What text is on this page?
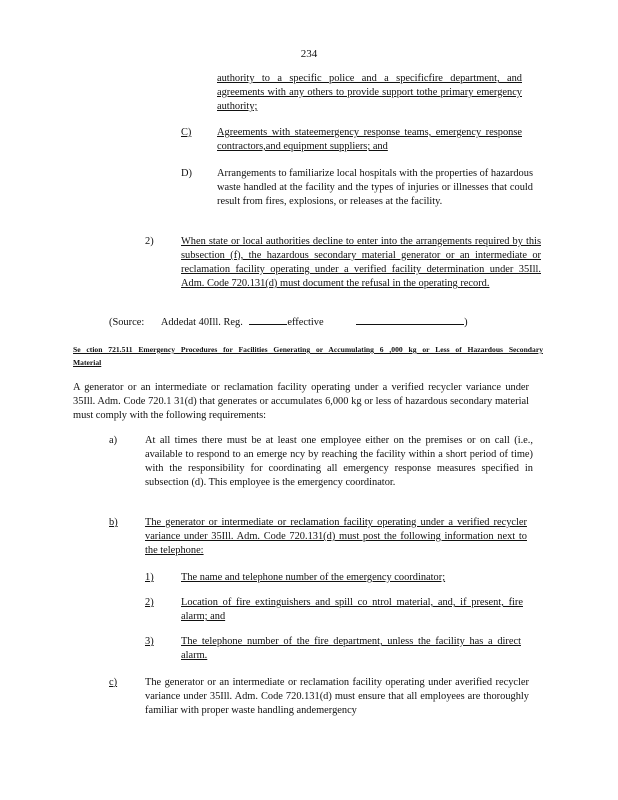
234

authority to a specific police and a specificfire department, and agreements with any others to provide support tothe primary emergency authority;

C) Agreements with stateemergency response teams, emergency response contractors,and equipment suppliers; and

D) Arrangements to familiarize local hospitals with the properties of hazardous waste handled at the facility and the types of injuries or illnesses that could result from fires, explosions, or releases at the facility.

2)	When state or local authorities decline to enter into the arrangements required by this subsection (f), the hazardous secondary material generator or an intermediate or reclamation facility operating under a verified facility determination under 35Ill. Adm. Code 720.131(d) must document the refusal in the operating record.

(Source: Addedat 40Ill. Reg.	effective	)
Se ction 721.511 Emergency Procedures for Facilities Generating or Accumulating 6 ,000 kg or Less of Hazardous Secondary Material

A generator or an intermediate or reclamation facility operating under a verified recycler variance under 35Ill. Adm. Code 720.1 31(d) that generates or accumulates 6,000 kg or less of hazardous secondary material must comply with the following requirements:

a)	At all times there must be at least one employee either on the premises or on call (i.e., available to respond to an emerge ncy by reaching the facility within a short period of time) with the responsibility for coordinating all emergency response measures specified in subsection (d). This employee is the emergency coordinator.

b)	The generator or intermediate or reclamation facility operating under a verified recycler variance under 35Ill. Adm. Code 720.131(d) must post the following information next to the telephone:

1)	The name and telephone number of the emergency coordinator;

2)	Location of fire extinguishers and spill co ntrol material, and, if present, fire alarm; and

3)	The telephone number of the fire department, unless the facility has a direct alarm.

c)	The generator or an intermediate or reclamation facility operating under averified recycler variance under 35Ill. Adm. Code 720.131(d) must ensure that all employees are thoroughly familiar with proper waste handling andemergency
